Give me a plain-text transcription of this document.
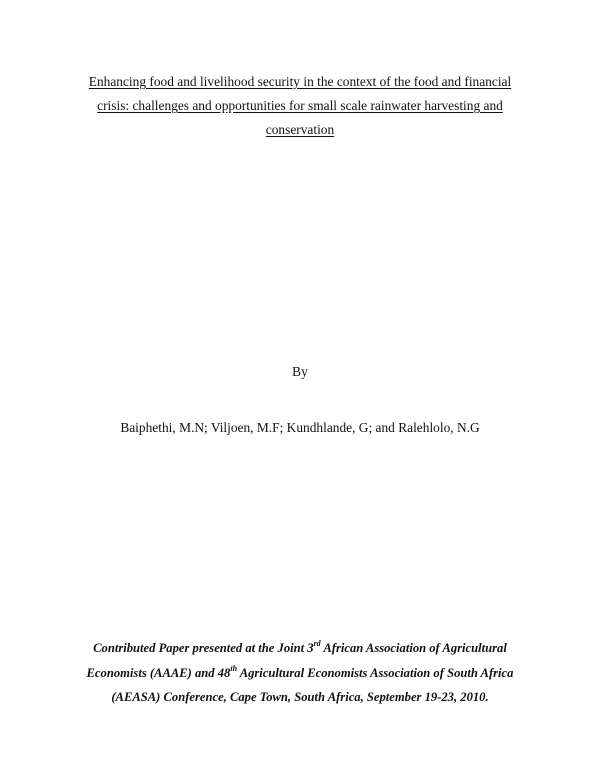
Enhancing food and livelihood security in the context of the food and financial
crisis: challenges and opportunities for small scale rainwater harvesting and
conservation
By
Baiphethi, M.N; Viljoen, M.F; Kundhlande, G; and Ralehlolo, N.G
Contributed Paper presented at the Joint 3rd African Association of Agricultural
Economists (AAAE) and 48th Agricultural Economists Association of South Africa
(AEASA) Conference, Cape Town, South Africa, September 19-23, 2010.
